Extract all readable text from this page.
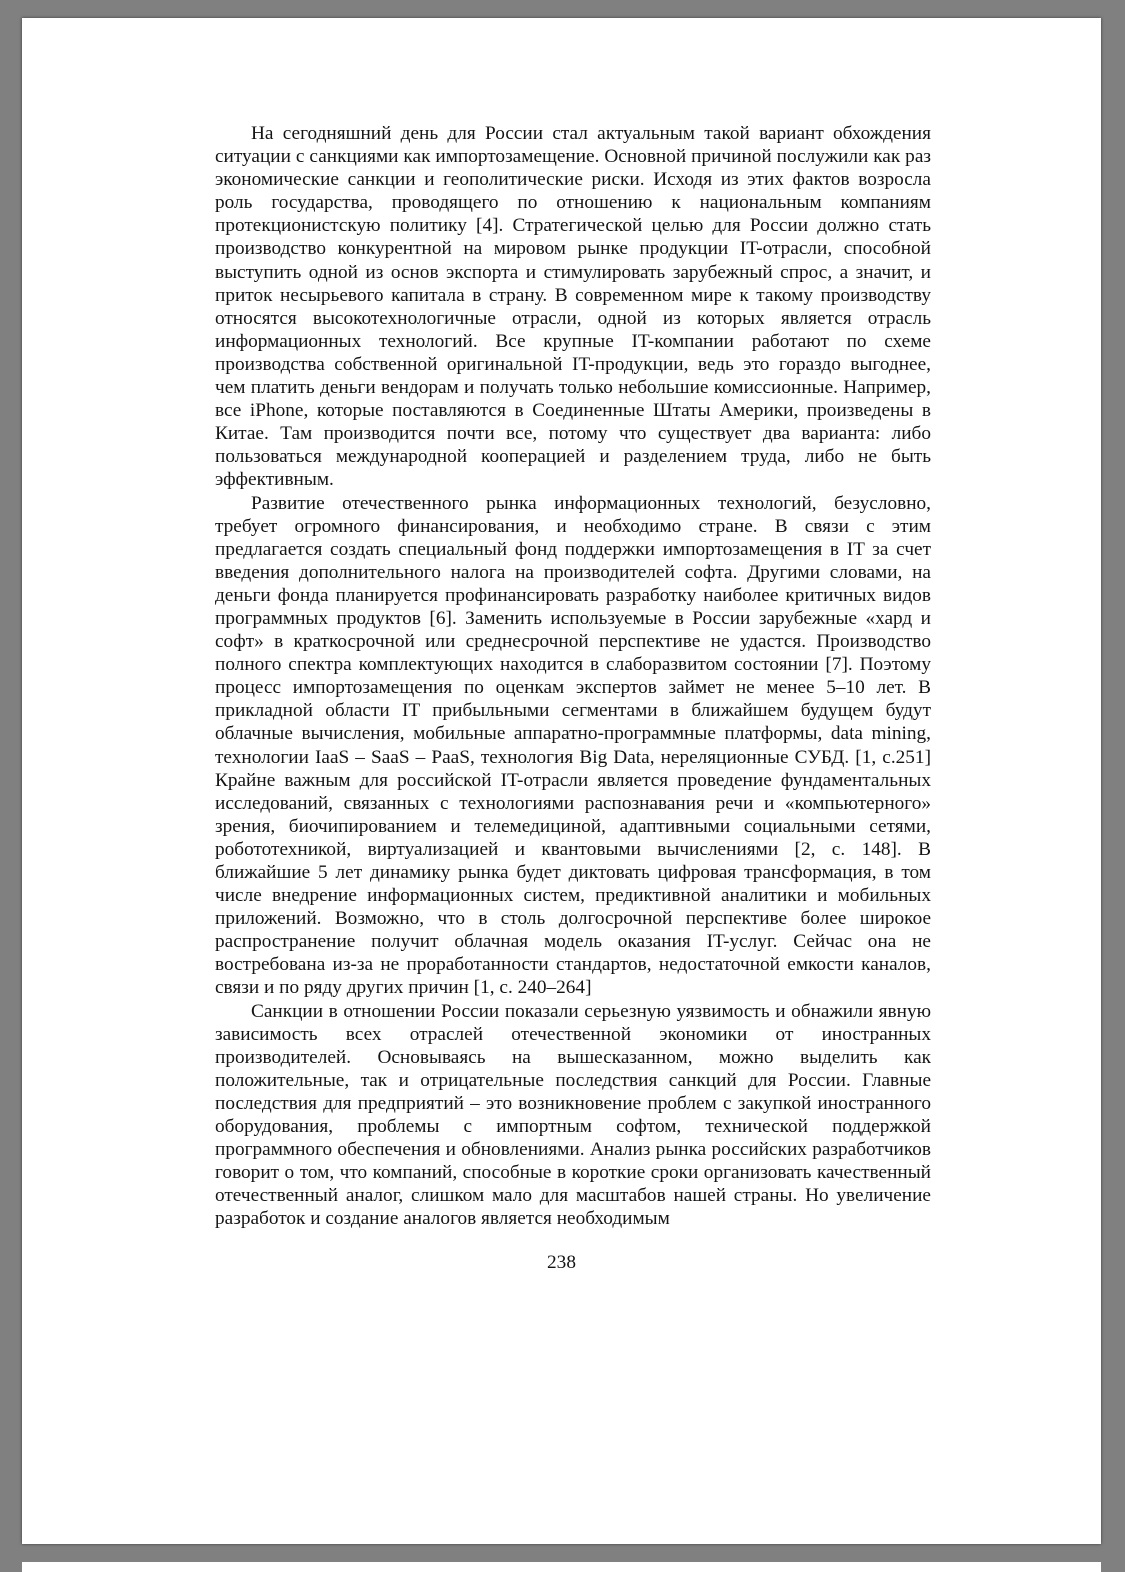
На сегодняшний день для России стал актуальным такой вариант обхождения ситуации с санкциями как импортозамещение. Основной причиной послужили как раз экономические санкции и геополитические риски. Исходя из этих фактов возросла роль государства, проводящего по отношению к национальным компаниям протекционистскую политику [4]. Стратегической целью для России должно стать производство конкурентной на мировом рынке продукции IT-отрасли, способной выступить одной из основ экспорта и стимулировать зарубежный спрос, а значит, и приток несырьевого капитала в страну. В современном мире к такому производству относятся высокотехнологичные отрасли, одной из которых является отрасль информационных технологий. Все крупные IT-компании работают по схеме производства собственной оригинальной IT-продукции, ведь это гораздо выгоднее, чем платить деньги вендорам и получать только небольшие комиссионные. Например, все iPhone, которые поставляются в Соединенные Штаты Америки, произведены в Китае. Там производится почти все, потому что существует два варианта: либо пользоваться международной кооперацией и разделением труда, либо не быть эффективным.

Развитие отечественного рынка информационных технологий, безусловно, требует огромного финансирования, и необходимо стране. В связи с этим предлагается создать специальный фонд поддержки импортозамещения в IT за счет введения дополнительного налога на производителей софта. Другими словами, на деньги фонда планируется профинансировать разработку наиболее критичных видов программных продуктов [6]. Заменить используемые в России зарубежные «хард и софт» в краткосрочной или среднесрочной перспективе не удастся. Производство полного спектра комплектующих находится в слаборазвитом состоянии [7]. Поэтому процесс импортозамещения по оценкам экспертов займет не менее 5–10 лет. В прикладной области IT прибыльными сегментами в ближайшем будущем будут облачные вычисления, мобильные аппаратно-программные платформы, data mining, технологии IaaS – SaaS – PaaS, технология Big Data, нереляционные СУБД. [1, с.251] Крайне важным для российской IT-отрасли является проведение фундаментальных исследований, связанных с технологиями распознавания речи и «компьютерного» зрения, биочипированием и телемедициной, адаптивными социальными сетями, робототехникой, виртуализацией и квантовыми вычислениями [2, с. 148]. В ближайшие 5 лет динамику рынка будет диктовать цифровая трансформация, в том числе внедрение информационных систем, предиктивной аналитики и мобильных приложений. Возможно, что в столь долгосрочной перспективе более широкое распространение получит облачная модель оказания IT-услуг. Сейчас она не востребована из-за не проработанности стандартов, недостаточной емкости каналов, связи и по ряду других причин [1, с. 240–264]

Санкции в отношении России показали серьезную уязвимость и обнажили явную зависимость всех отраслей отечественной экономики от иностранных производителей. Основываясь на вышесказанном, можно выделить как положительные, так и отрицательные последствия санкций для России. Главные последствия для предприятий – это возникновение проблем с закупкой иностранного оборудования, проблемы с импортным софтом, технической поддержкой программного обеспечения и обновлениями. Анализ рынка российских разработчиков говорит о том, что компаний, способные в короткие сроки организовать качественный отечественный аналог, слишком мало для масштабов нашей страны. Но увеличение разработок и создание аналогов является необходимым

238
